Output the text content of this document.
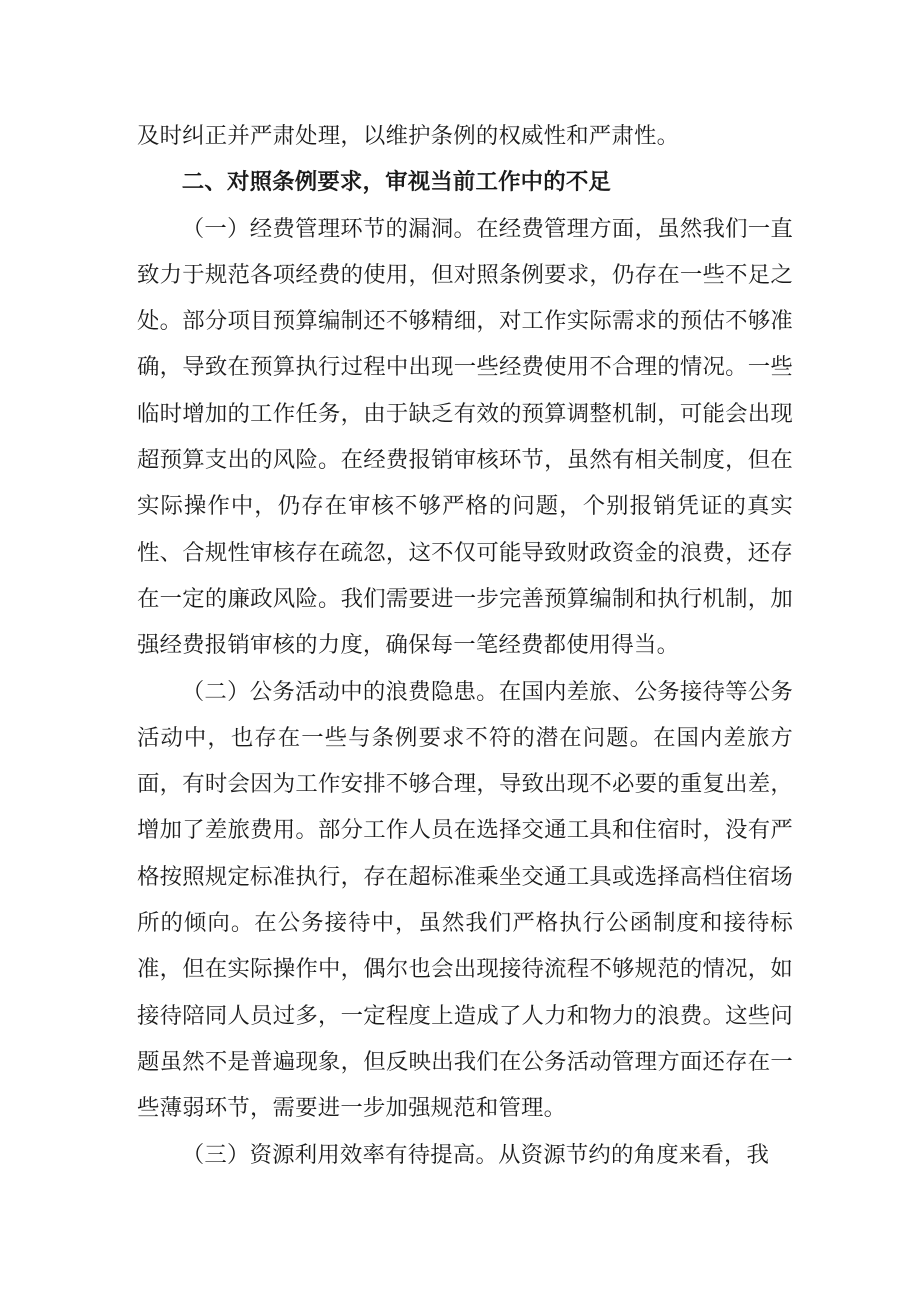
及时纠正并严肃处理，以维护条例的权威性和严肃性。

二、对照条例要求，审视当前工作中的不足

（一）经费管理环节的漏洞。在经费管理方面，虽然我们一直致力于规范各项经费的使用，但对照条例要求，仍存在一些不足之处。部分项目预算编制还不够精细，对工作实际需求的预估不够准确，导致在预算执行过程中出现一些经费使用不合理的情况。一些临时增加的工作任务，由于缺乏有效的预算调整机制，可能会出现超预算支出的风险。在经费报销审核环节，虽然有相关制度，但在实际操作中，仍存在审核不够严格的问题，个别报销凭证的真实性、合规性审核存在疏忽，这不仅可能导致财政资金的浪费，还存在一定的廉政风险。我们需要进一步完善预算编制和执行机制，加强经费报销审核的力度，确保每一笔经费都使用得当。

（二）公务活动中的浪费隐患。在国内差旅、公务接待等公务活动中，也存在一些与条例要求不符的潜在问题。在国内差旅方面，有时会因为工作安排不够合理，导致出现不必要的重复出差，增加了差旅费用。部分工作人员在选择交通工具和住宿时，没有严格按照规定标准执行，存在超标准乘坐交通工具或选择高档住宿场所的倾向。在公务接待中，虽然我们严格执行公函制度和接待标准，但在实际操作中，偶尔也会出现接待流程不够规范的情况，如接待陪同人员过多，一定程度上造成了人力和物力的浪费。这些问题虽然不是普遍现象，但反映出我们在公务活动管理方面还存在一些薄弱环节，需要进一步加强规范和管理。

（三）资源利用效率有待提高。从资源节约的角度来看，我
